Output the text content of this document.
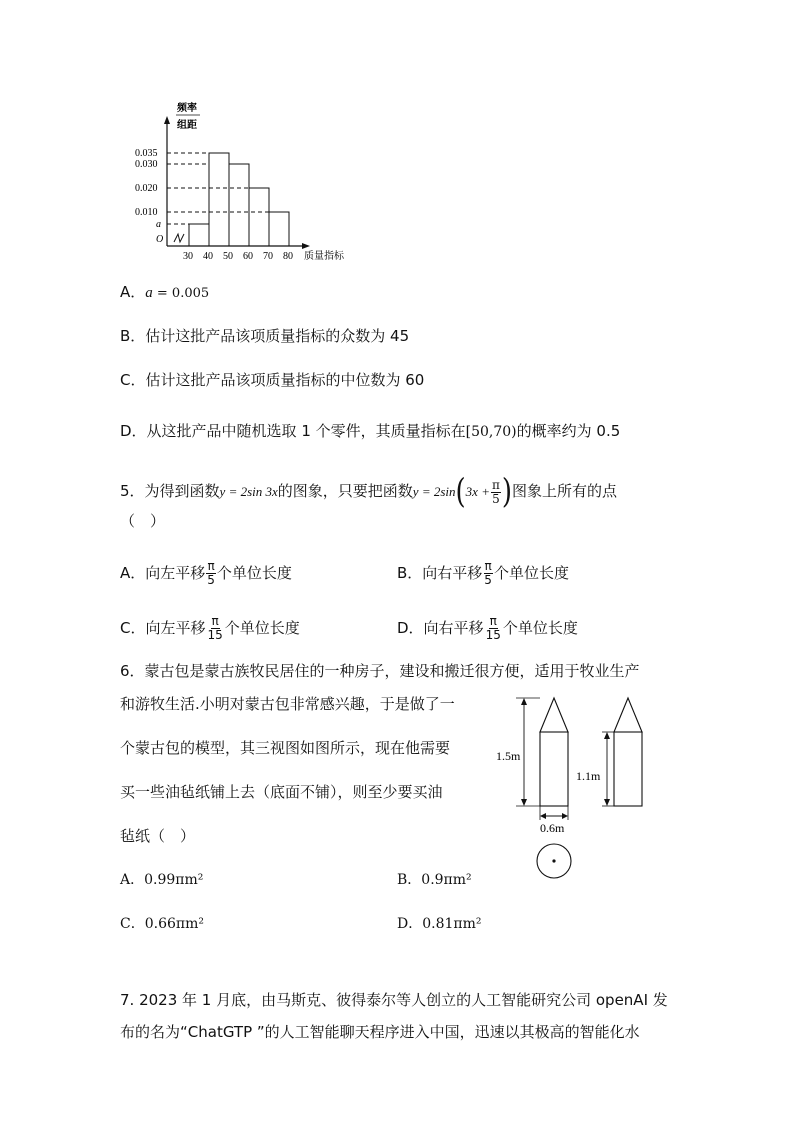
频率
组距
0.035
0.030
0.020
0.010
a
O
30 40 50 60 70 80 质量指标
A．a = 0.005
B．估计这批产品该项质量指标的众数为 45
C．估计这批产品该项质量指标的中位数为 60
D．从这批产品中随机选取 1 个零件，其质量指标在[50,70)的概率约为 0.5
5．为得到函数y = 2sin 3x的图象，只要把函数$y = 2\sin(3x + \frac{\pi}{5}$ )图象上所有的点
（　）
A．向左平移 $\frac{\pi}{5}$ 个单位长度	B．向右平移 $\frac{\pi}{5}$ 个单位长度
C．向左平移 $\frac{\pi}{15}$ 个单位长度	D．向右平移 $\frac{\pi}{15}$ 个单位长度
6．蒙古包是蒙古族牧民居住的一种房子，建设和搬迁很方便，适用于牧业生产
和游牧生活.小明对蒙古包非常感兴趣，于是做了一
个蒙古包的模型，其三视图如图所示，现在他需要
买一些油毡纸铺上去（底面不铺），则至少要买油
毡纸（　）
A．0.99πm²	B．0.9πm²
C．0.66πm²	D．0.81πm²
1.5m
0.6m
1.1m
7. 2023 年 1 月底，由马斯克、彼得泰尔等人创立的人工智能研究公司 openAI 发
布的名为“ChatGTP ”的人工智能聊天程序进入中国，迅速以其极高的智能化水
